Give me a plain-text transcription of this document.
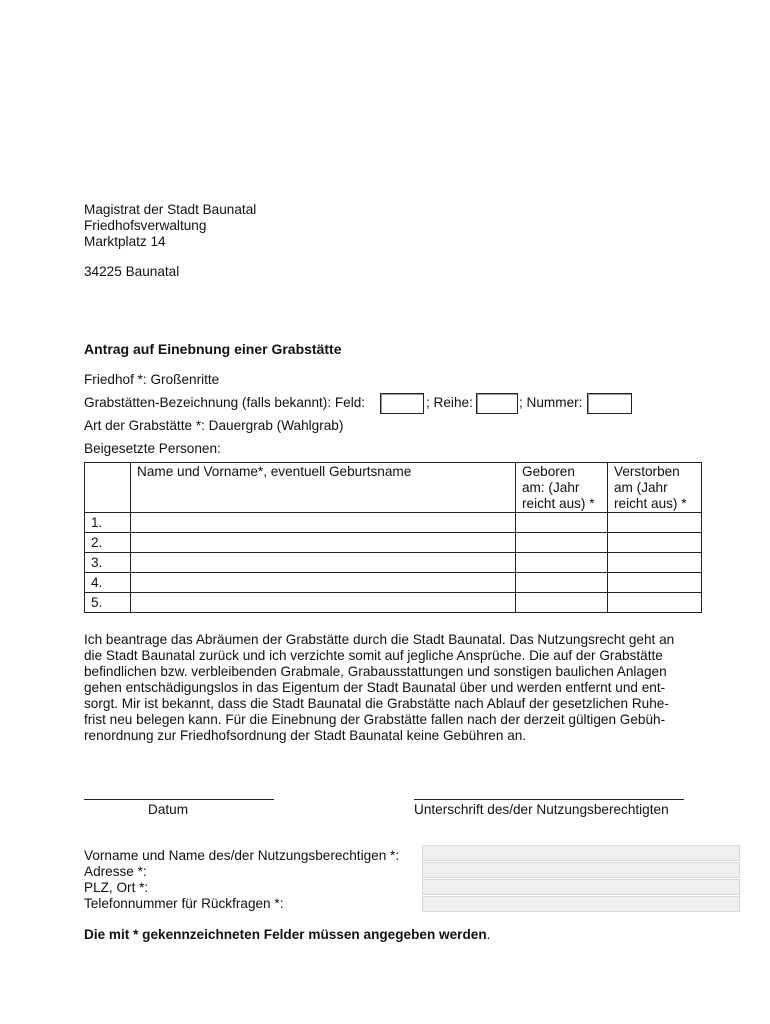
Magistrat der Stadt Baunatal
Friedhofsverwaltung
Marktplatz 14
34225 Baunatal
Antrag auf Einebnung einer Grabstätte
Friedhof *: Großenritte
Grabstätten-Bezeichnung (falls bekannt): Feld:	; Reihe:	; Nummer:
Art der Grabstätte *: Dauergrab (Wahlgrab)
Beigesetzte Personen:
	Name und Vorname*, eventuell Geburtsname	Geboren am: (Jahr reicht aus) *	Verstorben am (Jahr reicht aus) *
1.			
2.			
3.			
4.			
5.			
Ich beantrage das Abräumen der Grabstätte durch die Stadt Baunatal. Das Nutzungsrecht geht an
die Stadt Baunatal zurück und ich verzichte somit auf jegliche Ansprüche. Die auf der Grabstätte
befindlichen bzw. verbleibenden Grabmale, Grabausstattungen und sonstigen baulichen Anlagen
gehen entschädigungslos in das Eigentum der Stadt Baunatal über und werden entfernt und ent-
sorgt. Mir ist bekannt, dass die Stadt Baunatal die Grabstätte nach Ablauf der gesetzlichen Ruhe-
frist neu belegen kann. Für die Einebnung der Grabstätte fallen nach der derzeit gültigen Gebüh-
renordnung zur Friedhofsordnung der Stadt Baunatal keine Gebühren an.
Datum	Unterschrift des/der Nutzungsberechtigten
Vorname und Name des/der Nutzungsberechtigen *:
Adresse *:
PLZ, Ort *:
Telefonnummer für Rückfragen *:
Die mit * gekennzeichneten Felder müssen angegeben werden.
